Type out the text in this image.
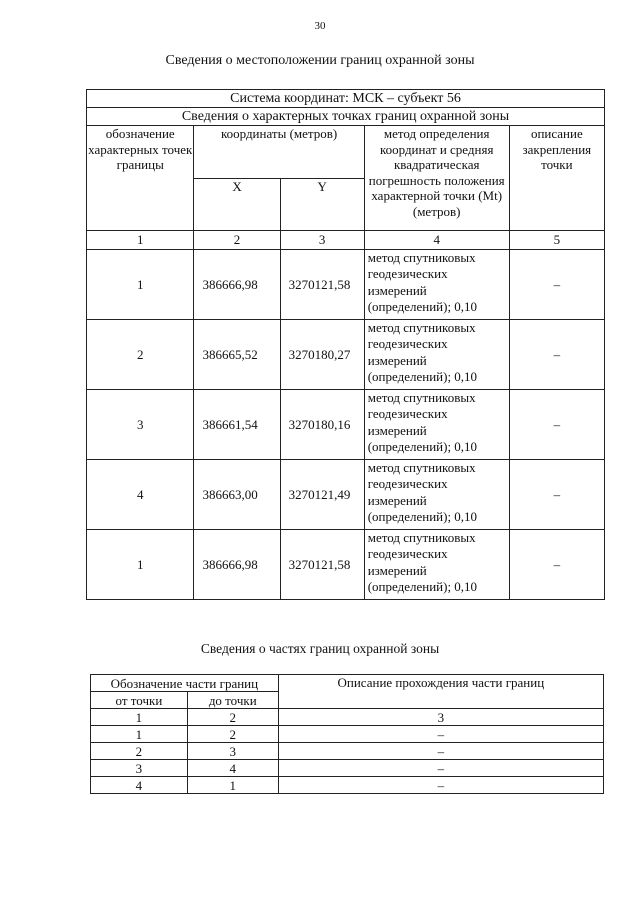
30
Сведения о местоположении границ охранной зоны
Система координат: МСК – субъект 56				
Сведения о характерных точках границ охранной зоны				
обозначение характерных точек границы	координаты (метров)		метод определения координат и средняя квадратическая погрешность положения характерной точки (Mt) (метров)	описание закрепления точки
	X	Y		
1	2	3	4	5
1	386666,98	3270121,58	метод спутниковых геодезических измерений (определений); 0,10	–
2	386665,52	3270180,27	метод спутниковых геодезических измерений (определений); 0,10	–
3	386661,54	3270180,16	метод спутниковых геодезических измерений (определений); 0,10	–
4	386663,00	3270121,49	метод спутниковых геодезических измерений (определений); 0,10	–
1	386666,98	3270121,58	метод спутниковых геодезических измерений (определений); 0,10	–
Сведения о частях границ охранной зоны
Обозначение части границ		Описание прохождения части границ
от точки	до точки	
1	2	3
1	2	–
2	3	–
3	4	–
4	1	–
